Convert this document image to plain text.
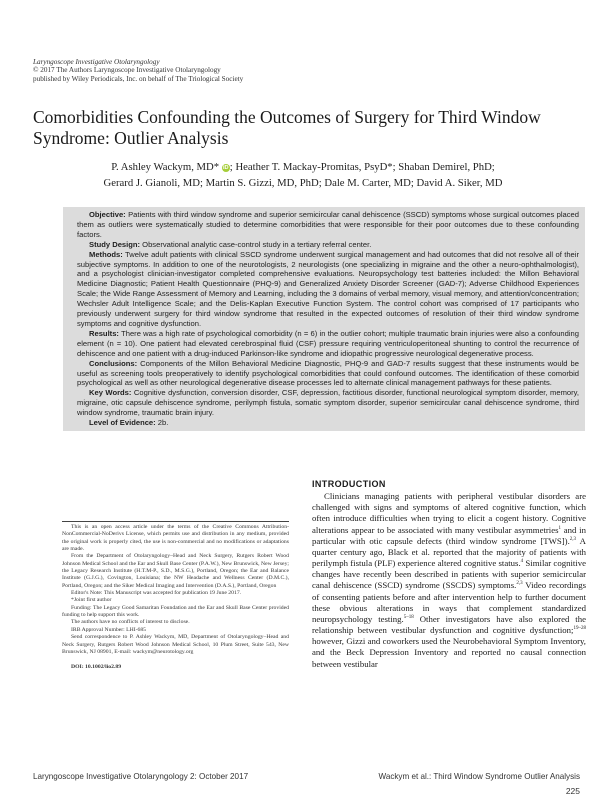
Laryngoscope Investigative Otolaryngology
© 2017 The Authors Laryngoscope Investigative Otolaryngology
published by Wiley Periodicals, Inc. on behalf of The Triological Society
Comorbidities Confounding the Outcomes of Surgery for Third Window Syndrome: Outlier Analysis
P. Ashley Wackym, MD* iD; Heather T. Mackay-Promitas, PsyD*; Shaban Demirel, PhD;
Gerard J. Gianoli, MD; Martin S. Gizzi, MD, PhD; Dale M. Carter, MD; David A. Siker, MD

Objective: Patients with third window syndrome and superior semicircular canal dehiscence (SSCD) symptoms whose surgical outcomes placed them as outliers were systematically studied to determine comorbidities that were responsible for their poor outcomes due to these confounding factors.

Study Design: Observational analytic case-control study in a tertiary referral center.

Methods: Twelve adult patients with clinical SSCD syndrome underwent surgical management and had outcomes that did not resolve all of their subjective symptoms. In addition to one of the neurotologists, 2 neurologists (one specializing in migraine and the other a neuro-ophthalmologist), and a psychologist clinician-investigator completed comprehensive evaluations. Neuropsychology test batteries included: the Millon Behavioral Medicine Diagnostic; Patient Health Questionnaire (PHQ-9) and Generalized Anxiety Disorder Screener (GAD-7); Adverse Childhood Experiences Scale; the Wide Range Assessment of Memory and Learning, including the 3 domains of verbal memory, visual memory, and attention/concentration; Wechsler Adult Intelligence Scale; and the Delis-Kaplan Executive Function System. The control cohort was comprised of 17 participants who previously underwent surgery for third window syndrome that resulted in the expected outcomes of resolution of their third window syndrome symptoms and cognitive dysfunction.

Results: There was a high rate of psychological comorbidity (n = 6) in the outlier cohort; multiple traumatic brain injuries were also a confounding element (n = 10). One patient had elevated cerebrospinal fluid (CSF) pressure requiring ventriculoperitoneal shunting to control the recurrence of dehiscence and one patient with a drug-induced Parkinson-like syndrome and idiopathic progressive neurological degenerative process.

Conclusions: Components of the Millon Behavioral Medicine Diagnostic, PHQ-9 and GAD-7 results suggest that these instruments would be useful as screening tools preoperatively to identify psychological comorbidities that could confound outcomes. The identification of these comorbid psychological as well as other neurological degenerative disease processes led to alternate clinical management pathways for these patients.

Key Words: Cognitive dysfunction, conversion disorder, CSF, depression, factitious disorder, functional neurological symptom disorder, memory, migraine, otic capsule dehiscence syndrome, perilymph fistula, somatic symptom disorder, superior semicircular canal dehiscence syndrome, third window syndrome, traumatic brain injury.

Level of Evidence: 2b.

This is an open access article under the terms of the Creative Commons Attribution-NonCommercial-NoDerivs License, which permits use and distribution in any medium, provided the original work is properly cited, the use is non-commercial and no modifications or adaptations are made.

From the Department of Otolaryngology–Head and Neck Surgery, Rutgers Robert Wood Johnson Medical School and the Ear and Skull Base Center (P.A.W.), New Brunswick, New Jersey; the Legacy Research Institute (H.T.M-P., S.D., M.S.G.), Portland, Oregon; the Ear and Balance Institute (G.J.G.), Covington, Louisiana; the NW Headache and Wellness Center (D.M.C.), Portland, Oregon; and the Siker Medical Imaging and Intervention (D.A.S.), Portland, Oregon

Editor's Note: This Manuscript was accepted for publication 19 June 2017.

*Joint first author

Funding: The Legacy Good Samaritan Foundation and the Ear and Skull Base Center provided funding to help support this work.

The authors have no conflicts of interest to disclose.

IRB Approval Number: LHI-685

Send correspondence to P. Ashley Wackym, MD, Department of Otolaryngology–Head and Neck Surgery, Rutgers Robert Wood Johnson Medical School, 10 Plum Street, Suite 543, New Brunswick, NJ 08901, E-mail: wackym@neurotology.org

DOI: 10.1002/lio2.89

INTRODUCTION

Clinicians managing patients with peripheral vestibular disorders are challenged with signs and symptoms of altered cognitive function, which often introduce difficulties when trying to elicit a cogent history. Cognitive alterations appear to be associated with many vestibular asymmetries$^1$ and in particular with otic capsule defects (third window syndrome [TWS]).$^{2,3}$ A quarter century ago, Black et al. reported that the majority of patients with perilymph fistula (PLF) experience altered cognitive status.$^4$ Similar cognitive changes have recently been described in patients with superior semicircular canal dehiscence (SSCD) syndrome (SSCDS) symptoms.$^{2,3}$ Video recordings of consenting patients before and after intervention help to further document these obvious alterations in ways that complement standardized neuropsychology testing.$^{5-18}$ Other investigators have also explored the relationship between vestibular dysfunction and cognitive dysfunction;$^{19-28}$ however, Gizzi and coworkers used the Neurobehavioral Symptom Inventory, and the Beck Depression Inventory and reported no causal connection between vestibular

Laryngoscope Investigative Otolaryngology 2: October 2017	Wackym et al.: Third Window Syndrome Outlier Analysis
225
